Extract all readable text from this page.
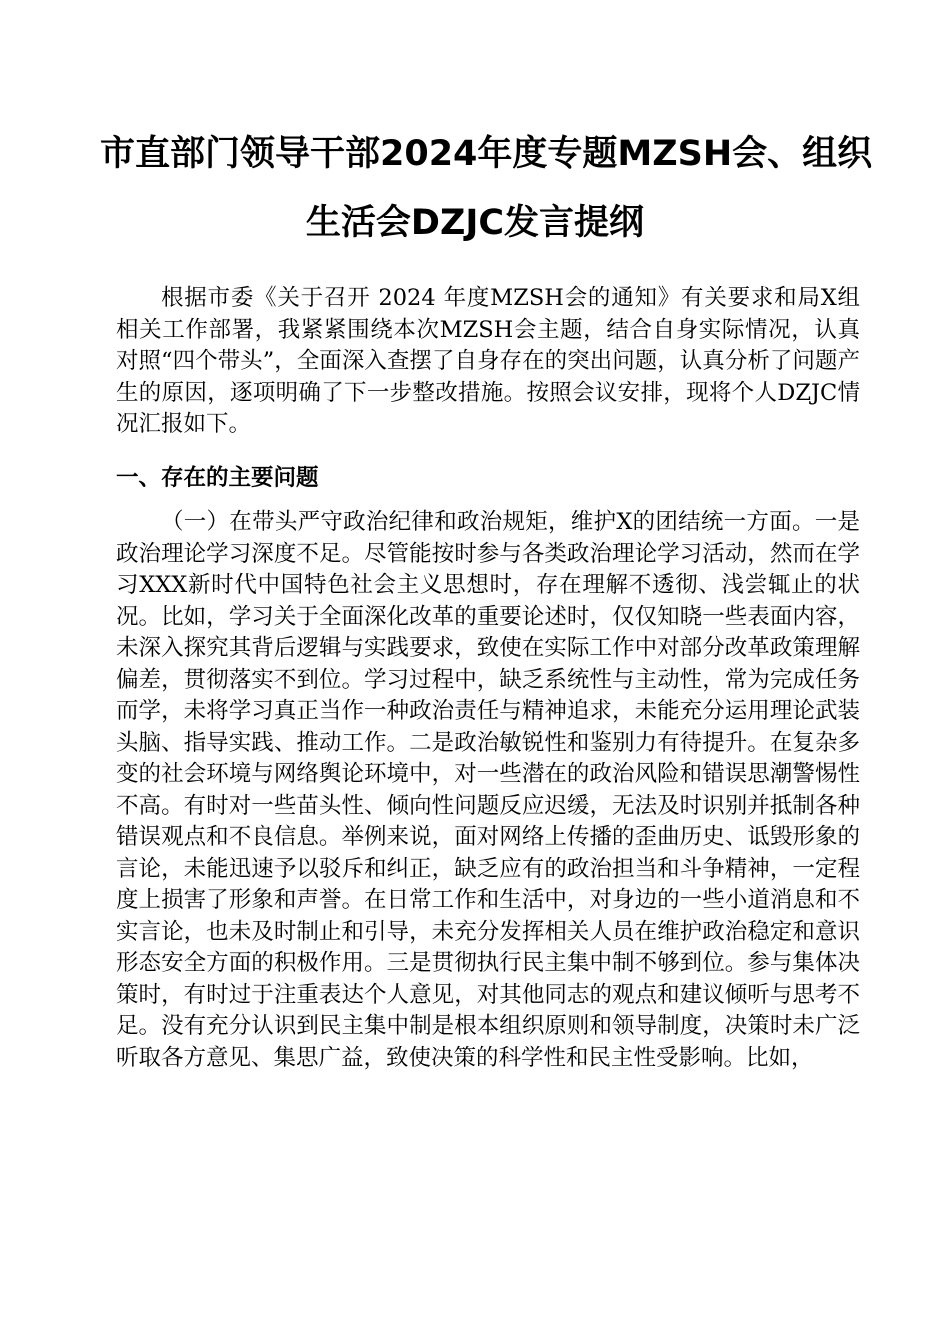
市直部门领导干部2024年度专题MZSH会、组织
生活会DZJC发言提纲
根据市委《关于召开 2024 年度MZSH会的通知》有关要求和局X组相关工作部署，我紧紧围绕本次MZSH会主题，结合自身实际情况，认真对照“四个带头”，全面深入查摆了自身存在的突出问题，认真分析了问题产生的原因，逐项明确了下一步整改措施。按照会议安排，现将个人DZJC情况汇报如下。
一、存在的主要问题
（一）在带头严守政治纪律和政治规矩，维护X的团结统一方面。一是政治理论学习深度不足。尽管能按时参与各类政治理论学习活动，然而在学习XXX新时代中国特色社会主义思想时，存在理解不透彻、浅尝辄止的状况。比如，学习关于全面深化改革的重要论述时，仅仅知晓一些表面内容，未深入探究其背后逻辑与实践要求，致使在实际工作中对部分改革政策理解偏差，贯彻落实不到位。学习过程中，缺乏系统性与主动性，常为完成任务而学，未将学习真正当作一种政治责任与精神追求，未能充分运用理论武装头脑、指导实践、推动工作。二是政治敏锐性和鉴别力有待提升。在复杂多变的社会环境与网络舆论环境中，对一些潜在的政治风险和错误思潮警惕性不高。有时对一些苗头性、倾向性问题反应迟缓，无法及时识别并抵制各种错误观点和不良信息。举例来说，面对网络上传播的歪曲历史、诋毁形象的言论，未能迅速予以驳斥和纠正，缺乏应有的政治担当和斗争精神，一定程度上损害了形象和声誉。在日常工作和生活中，对身边的一些小道消息和不实言论，也未及时制止和引导，未充分发挥相关人员在维护政治稳定和意识形态安全方面的积极作用。三是贯彻执行民主集中制不够到位。参与集体决策时，有时过于注重表达个人意见，对其他同志的观点和建议倾听与思考不足。没有充分认识到民主集中制是根本组织原则和领导制度，决策时未广泛听取各方意见、集思广益，致使决策的科学性和民主性受影响。比如，
